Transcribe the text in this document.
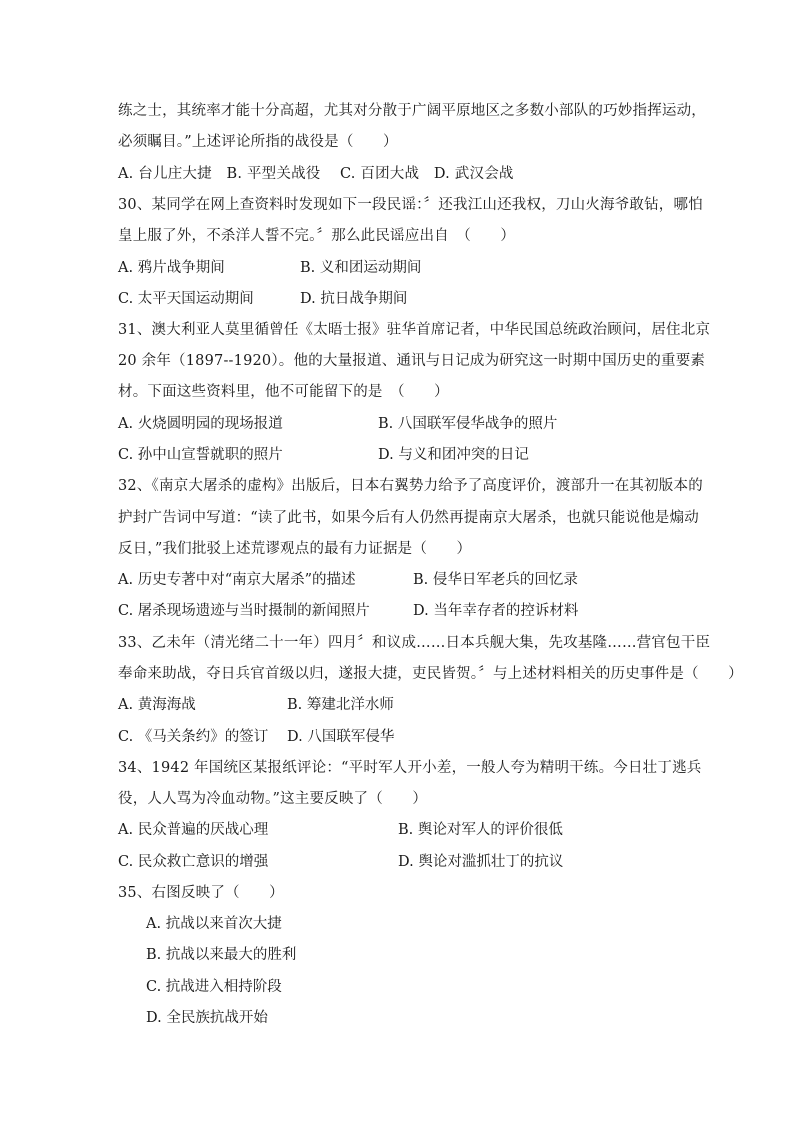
练之士，其统率才能十分高超，尤其对分散于广阔平原地区之多数小部队的巧妙指挥运动，
必须瞩目。”上述评论所指的战役是（　　）
A. 台儿庄大捷　B. 平型关战役　 C. 百团大战　D. 武汉会战
30、某同学在网上查资料时发现如下一段民谣：〞还我江山还我权，刀山火海爷敢钻，哪怕
皇上服了外，不杀洋人誓不完。〞那么此民谣应出自　（　　）
A. 鸦片战争期间	B. 义和团运动期间
C. 太平天国运动期间	D. 抗日战争期间
31、澳大利亚人莫里循曾任《太晤士报》驻华首席记者，中华民国总统政治顾问，居住北京
20 余年（1897--1920）。他的大量报道、通讯与日记成为研究这一时期中国历史的重要素
材。下面这些资料里，他不可能留下的是　（　　）
A. 火烧圆明园的现场报道	B. 八国联军侵华战争的照片
C. 孙中山宣誓就职的照片	D. 与义和团冲突的日记
32、《南京大屠杀的虚构》出版后，日本右翼势力给予了高度评价，渡部升一在其初版本的
护封广告词中写道：“读了此书，如果今后有人仍然再提南京大屠杀，也就只能说他是煽动
反日，”我们批驳上述荒谬观点的最有力证据是（　　）
A. 历史专著中对“南京大屠杀”的描述	B. 侵华日军老兵的回忆录
C. 屠杀现场遗迹与当时摄制的新闻照片	D. 当年幸存者的控诉材料
33、乙未年（清光绪二十一年）四月〞和议成……日本兵舰大集，先攻基隆……营官包干臣
奉命来助战，夺日兵官首级以归，遂报大捷，吏民皆贺。〞与上述材料相关的历史事件是（　　）
A. 黄海海战	B. 筹建北洋水师
C. 《马关条约》的签订 D. 八国联军侵华
34、1942 年国统区某报纸评论：“平时军人开小差，一般人夸为精明干练。今日壮丁逃兵
役，人人骂为冷血动物。”这主要反映了（　　）
A. 民众普遍的厌战心理	B. 舆论对军人的评价很低
C. 民众救亡意识的增强	D. 舆论对滥抓壮丁的抗议
35、右图反映了（　　）
A. 抗战以来首次大捷
B. 抗战以来最大的胜利
C. 抗战进入相持阶段
D. 全民族抗战开始
